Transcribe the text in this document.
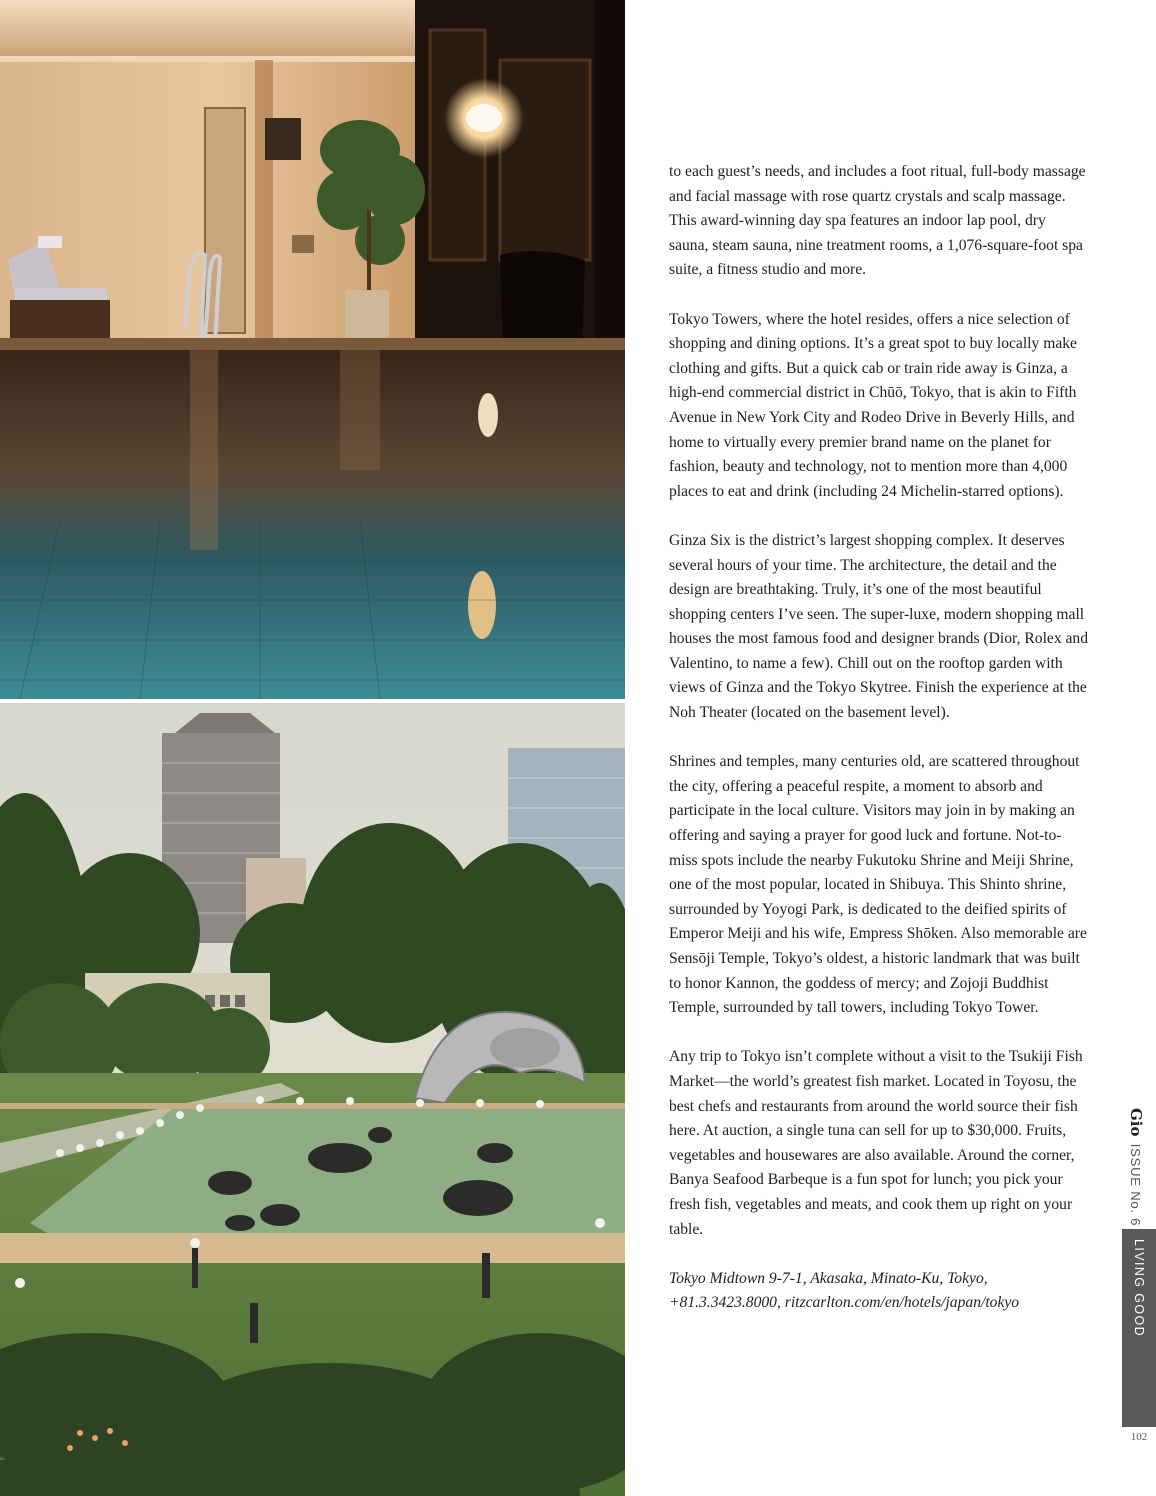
to each guest’s needs, and includes a foot ritual, full-body massage and facial massage with rose quartz crystals and scalp massage. This award-winning day spa features an indoor lap pool, dry sauna, steam sauna, nine treatment rooms, a 1,076-square-foot spa suite, a fitness studio and more.

Tokyo Towers, where the hotel resides, offers a nice selection of shopping and dining options. It’s a great spot to buy locally make clothing and gifts. But a quick cab or train ride away is Ginza, a high-end commercial district in Chūō, Tokyo, that is akin to Fifth Avenue in New York City and Rodeo Drive in Beverly Hills, and home to virtually every premier brand name on the planet for fashion, beauty and technology, not to mention more than 4,000 places to eat and drink (including 24 Michelin-starred options).

Ginza Six is the district’s largest shopping complex. It deserves several hours of your time. The architecture, the detail and the design are breathtaking. Truly, it’s one of the most beautiful shopping centers I’ve seen. The super-luxe, modern shopping mall houses the most famous food and designer brands (Dior, Rolex and Valentino, to name a few). Chill out on the rooftop garden with views of Ginza and the Tokyo Skytree. Finish the experience at the Noh Theater (located on the basement level).

Shrines and temples, many centuries old, are scattered throughout the city, offering a peaceful respite, a moment to absorb and participate in the local culture. Visitors may join in by making an offering and saying a prayer for good luck and fortune. Not-to-miss spots include the nearby Fukutoku Shrine and Meiji Shrine, one of the most popular, located in Shibuya. This Shinto shrine, surrounded by Yoyogi Park, is dedicated to the deified spirits of Emperor Meiji and his wife, Empress Shōken. Also memorable are Sensōji Temple, Tokyo’s oldest, a historic landmark that was built to honor Kannon, the goddess of mercy; and Zojoji Buddhist Temple, surrounded by tall towers, including Tokyo Tower.

Any trip to Tokyo isn’t complete without a visit to the Tsukiji Fish Market—the world’s greatest fish market. Located in Toyosu, the best chefs and restaurants from around the world source their fish here. At auction, a single tuna can sell for up to $30,000. Fruits, vegetables and housewares are also available. Around the corner, Banya Seafood Barbeque is a fun spot for lunch; you pick your fresh fish, vegetables and meats, and cook them up right on your table.

Tokyo Midtown 9-7-1, Akasaka, Minato-Ku, Tokyo, +81.3.3423.8000, ritzcarlton.com/en/hotels/japan/tokyo

Gio ISSUE No. 6
LIVING GOOD
102
